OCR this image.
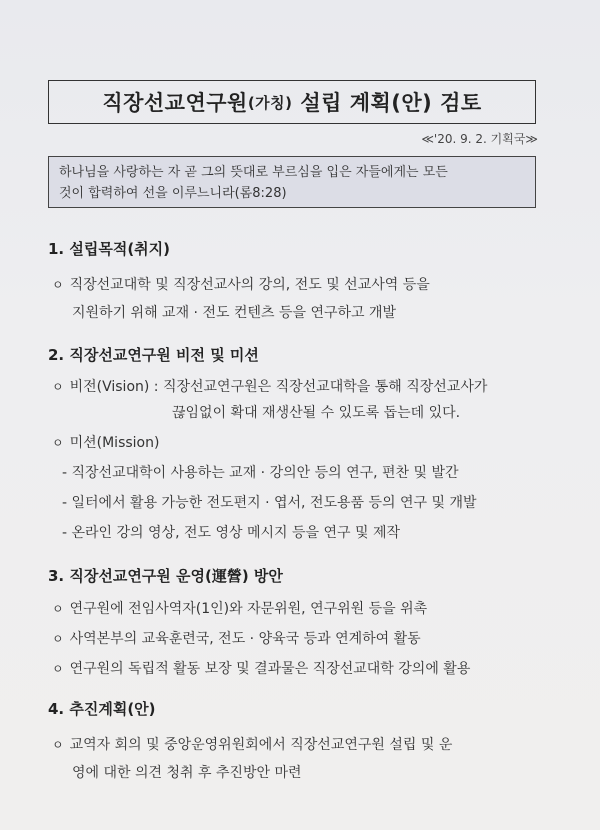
직장선교연구원 (가칭) 설립 계획(안) 검토
≪'20. 9. 2. 기획국≫
하나님을 사랑하는 자 곧 그의 뜻대로 부르심을 입은 자들에게는 모든
것이 합력하여 선을 이루느니라(롬8:28)
1. 설립목적(취지)
ㅇ 직장선교대학 및 직장선교사의 강의, 전도 및 선교사역 등을
지원하기 위해 교재 · 전도 컨텐츠 등을 연구하고 개발
2. 직장선교연구원 비전 및 미션
ㅇ 비전(Vision) : 직장선교연구원은 직장선교대학을 통해 직장선교사가
끊임없이 확대 재생산될 수 있도록 돕는데 있다.
ㅇ 미션(Mission)
- 직장선교대학이 사용하는 교재 · 강의안 등의 연구, 편찬 및 발간
- 일터에서 활용 가능한 전도편지 · 엽서, 전도용품 등의 연구 및 개발
- 온라인 강의 영상, 전도 영상 메시지 등을 연구 및 제작
3. 직장선교연구원 운영(運營) 방안
ㅇ 연구원에 전임사역자(1인)와 자문위원, 연구위원 등을 위촉
ㅇ 사역본부의 교육훈련국, 전도 · 양육국 등과 연계하여 활동
ㅇ 연구원의 독립적 활동 보장 및 결과물은 직장선교대학 강의에 활용
4. 추진계획(안)
ㅇ 교역자 회의 및 중앙운영위원회에서 직장선교연구원 설립 및 운
영에 대한 의견 청취 후 추진방안 마련
